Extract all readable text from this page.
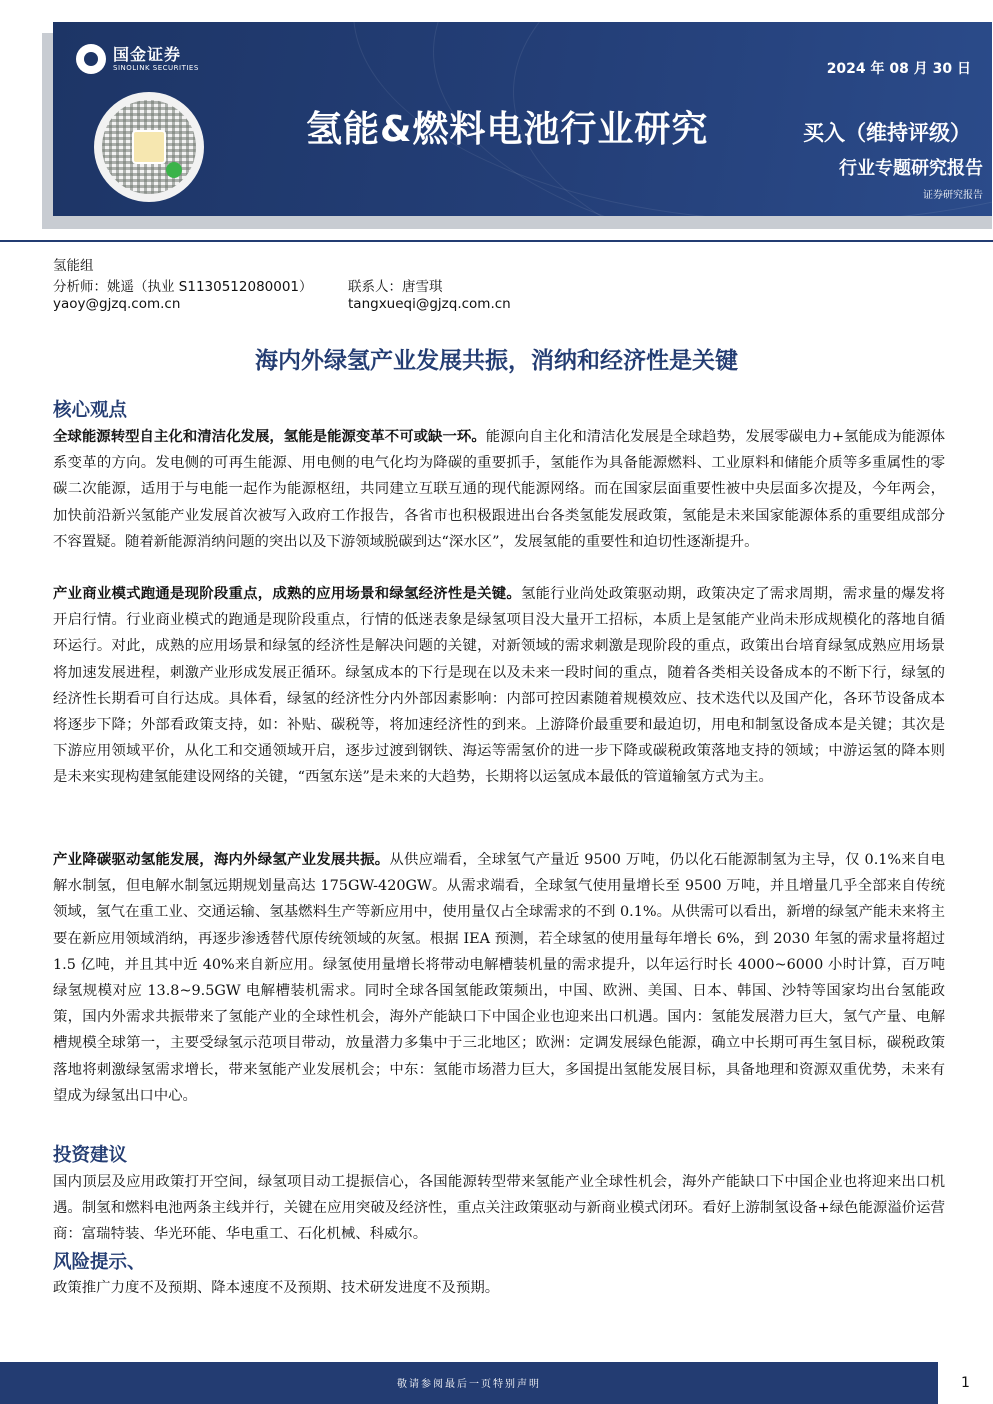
国金证券
SINOLINK SECURITIES
氢能&燃料电池行业研究
2024 年 08 月 30 日
买入（维持评级）
行业专题研究报告
证券研究报告
氢能组
分析师：姚遥（执业 S1130512080001）
yaoy@gjzq.com.cn
联系人：唐雪琪
tangxueqi@gjzq.com.cn
海内外绿氢产业发展共振，消纳和经济性是关键
核心观点
全球能源转型自主化和清洁化发展，氢能是能源变革不可或缺一环。能源向自主化和清洁化发展是全球趋势，发展零碳电力+氢能成为能源体系变革的方向。发电侧的可再生能源、用电侧的电气化均为降碳的重要抓手，氢能作为具备能源燃料、工业原料和储能介质等多重属性的零碳二次能源，适用于与电能一起作为能源枢纽，共同建立互联互通的现代能源网络。而在国家层面重要性被中央层面多次提及，今年两会，加快前沿新兴氢能产业发展首次被写入政府工作报告，各省市也积极跟进出台各类氢能发展政策，氢能是未来国家能源体系的重要组成部分不容置疑。随着新能源消纳问题的突出以及下游领域脱碳到达“深水区”，发展氢能的重要性和迫切性逐渐提升。
产业商业模式跑通是现阶段重点，成熟的应用场景和绿氢经济性是关键。氢能行业尚处政策驱动期，政策决定了需求周期，需求量的爆发将开启行情。行业商业模式的跑通是现阶段重点，行情的低迷表象是绿氢项目没大量开工招标，本质上是氢能产业尚未形成规模化的落地自循环运行。对此，成熟的应用场景和绿氢的经济性是解决问题的关键，对新领域的需求刺激是现阶段的重点，政策出台培育绿氢成熟应用场景将加速发展进程，刺激产业形成发展正循环。绿氢成本的下行是现在以及未来一段时间的重点，随着各类相关设备成本的不断下行，绿氢的经济性长期看可自行达成。具体看，绿氢的经济性分内外部因素影响：内部可控因素随着规模效应、技术迭代以及国产化，各环节设备成本将逐步下降；外部看政策支持，如：补贴、碳税等，将加速经济性的到来。上游降价最重要和最迫切，用电和制氢设备成本是关键；其次是下游应用领域平价，从化工和交通领域开启，逐步过渡到钢铁、海运等需氢价的进一步下降或碳税政策落地支持的领域；中游运氢的降本则是未来实现构建氢能建设网络的关键，“西氢东送”是未来的大趋势，长期将以运氢成本最低的管道输氢方式为主。
产业降碳驱动氢能发展，海内外绿氢产业发展共振。从供应端看，全球氢气产量近 9500 万吨，仍以化石能源制氢为主导，仅 0.1%来自电解水制氢，但电解水制氢远期规划量高达 175GW-420GW。从需求端看，全球氢气使用量增长至 9500 万吨，并且增量几乎全部来自传统领域，氢气在重工业、交通运输、氢基燃料生产等新应用中，使用量仅占全球需求的不到 0.1%。从供需可以看出，新增的绿氢产能未来将主要在新应用领域消纳，再逐步渗透替代原传统领域的灰氢。根据 IEA 预测，若全球氢的使用量每年增长 6%，到 2030 年氢的需求量将超过 1.5 亿吨，并且其中近 40%来自新应用。绿氢使用量增长将带动电解槽装机量的需求提升，以年运行时长 4000~6000 小时计算，百万吨绿氢规模对应 13.8~9.5GW 电解槽装机需求。同时全球各国氢能政策频出，中国、欧洲、美国、日本、韩国、沙特等国家均出台氢能政策，国内外需求共振带来了氢能产业的全球性机会，海外产能缺口下中国企业也迎来出口机遇。国内：氢能发展潜力巨大，氢气产量、电解槽规模全球第一，主要受绿氢示范项目带动，放量潜力多集中于三北地区；欧洲：定调发展绿色能源，确立中长期可再生氢目标，碳税政策落地将刺激绿氢需求增长，带来氢能产业发展机会；中东：氢能市场潜力巨大，多国提出氢能发展目标，具备地理和资源双重优势，未来有望成为绿氢出口中心。
投资建议
国内顶层及应用政策打开空间，绿氢项目动工提振信心，各国能源转型带来氢能产业全球性机会，海外产能缺口下中国企业也将迎来出口机遇。制氢和燃料电池两条主线并行，关键在应用突破及经济性，重点关注政策驱动与新商业模式闭环。看好上游制氢设备+绿色能源溢价运营商：富瑞特装、华光环能、华电重工、石化机械、科威尔。
风险提示、
政策推广力度不及预期、降本速度不及预期、技术研发进度不及预期。
敬请参阅最后一页特别声明	1
